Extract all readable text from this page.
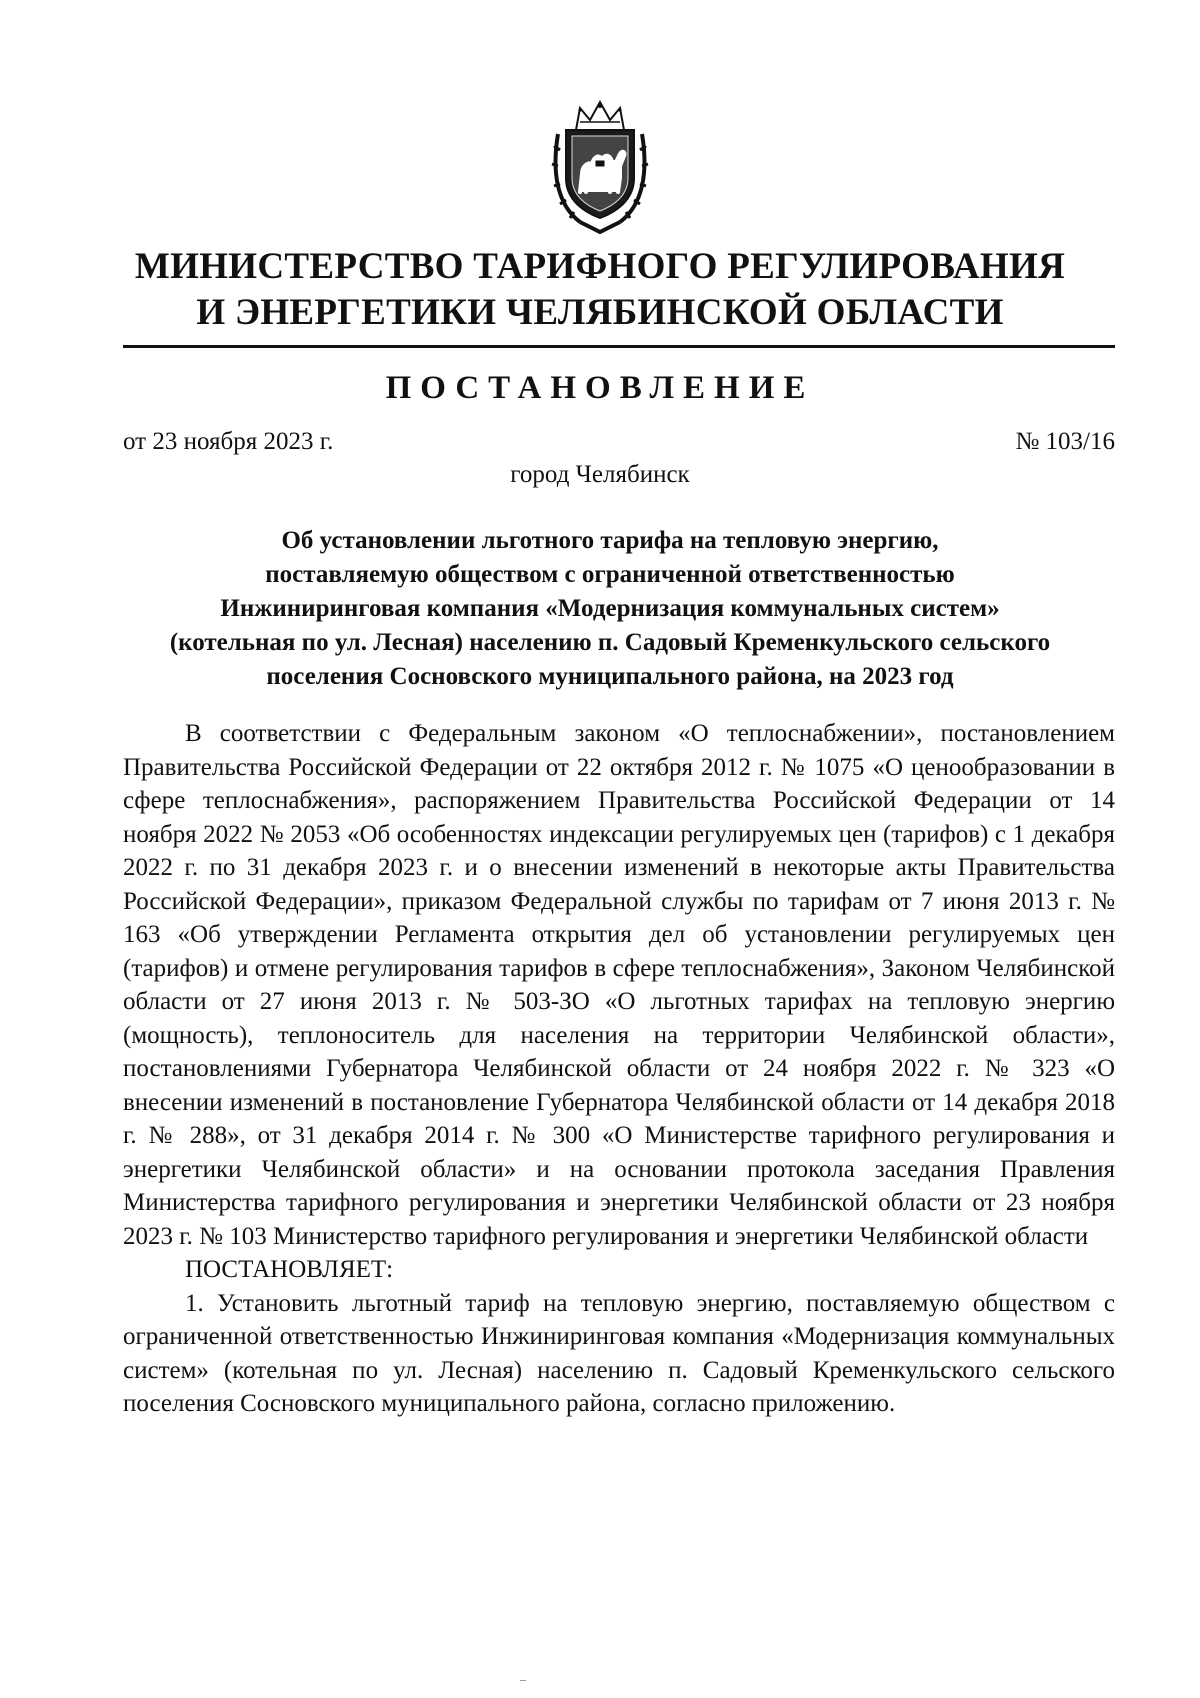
МИНИСТЕРСТВО ТАРИФНОГО РЕГУЛИРОВАНИЯ
И ЭНЕРГЕТИКИ ЧЕЛЯБИНСКОЙ ОБЛАСТИ
ПОСТАНОВЛЕНИЕ
от 23 ноября 2023 г.	№ 103/16
город Челябинск
Об установлении льготного тарифа на тепловую энергию,
поставляемую обществом с ограниченной ответственностью
Инжиниринговая компания «Модернизация коммунальных систем»
(котельная по ул. Лесная) населению п. Садовый Кременкульского сельского
поселения Сосновского муниципального района, на 2023 год

В соответствии с Федеральным законом «О теплоснабжении», постановлением Правительства Российской Федерации от 22 октября 2012 г. № 1075 «О ценообразовании в сфере теплоснабжения», распоряжением Правительства Российской Федерации от 14 ноября 2022 № 2053 «Об особенностях индексации регулируемых цен (тарифов) с 1 декабря 2022 г. по 31 декабря 2023 г. и о внесении изменений в некоторые акты Правительства Российской Федерации», приказом Федеральной службы по тарифам от 7 июня 2013 г. № 163 «Об утверждении Регламента открытия дел об установлении регулируемых цен (тарифов) и отмене регулирования тарифов в сфере теплоснабжения», Законом Челябинской области от 27 июня 2013 г. № 503-ЗО «О льготных тарифах на тепловую энергию (мощность), теплоноситель для населения на территории Челябинской области», постановлениями Губернатора Челябинской области от 24 ноября 2022 г. № 323 «О внесении изменений в постановление Губернатора Челябинской области от 14 декабря 2018 г. № 288», от 31 декабря 2014 г. № 300 «О Министерстве тарифного регулирования и энергетики Челябинской области» и на основании протокола заседания Правления Министерства тарифного регулирования и энергетики Челябинской области от 23 ноября 2023 г. № 103 Министерство тарифного регулирования и энергетики Челябинской области

ПОСТАНОВЛЯЕТ:

1. Установить льготный тариф на тепловую энергию, поставляемую обществом с ограниченной ответственностью Инжиниринговая компания «Модернизация коммунальных систем» (котельная по ул. Лесная) населению п. Садовый Кременкульского сельского поселения Сосновского муниципального района, согласно приложению.
